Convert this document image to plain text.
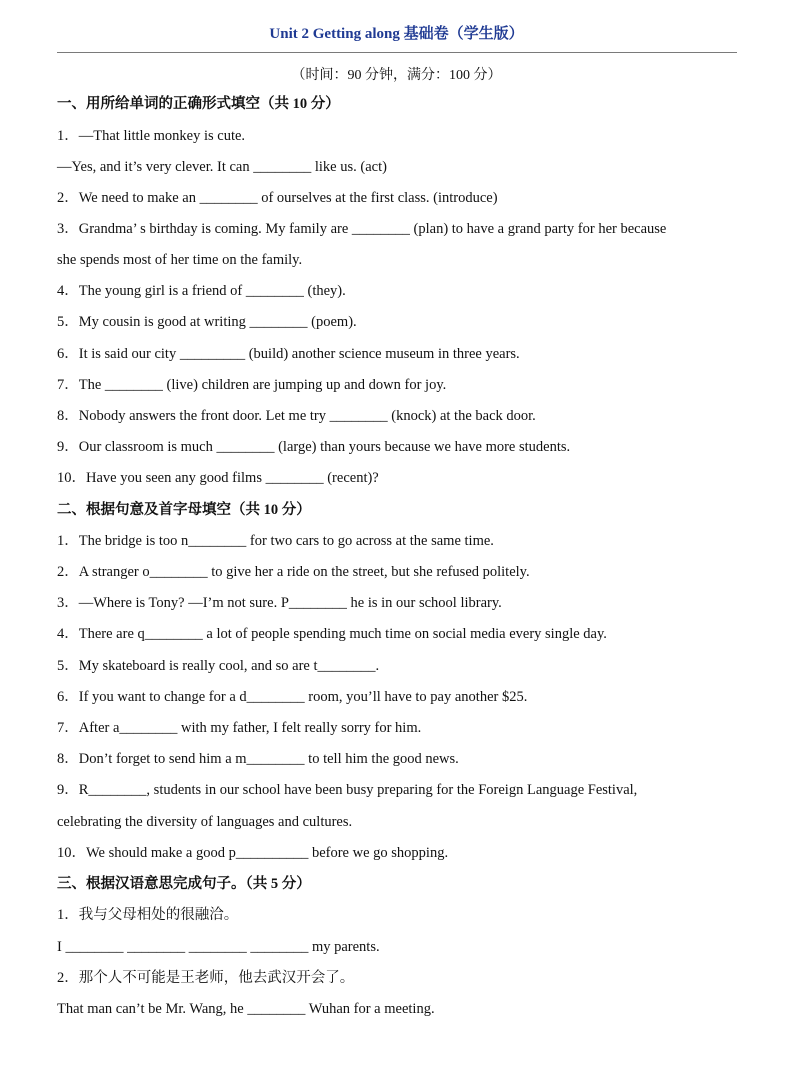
Unit 2 Getting along 基础卷（学生版）
（时间：90 分钟，满分：100 分）
一、用所给单词的正确形式填空（共 10 分）
1．—That little monkey is cute.
—Yes, and it’s very clever. It can ________ like us. (act)
2．We need to make an ________ of ourselves at the first class. (introduce)
3．Grandma’ s birthday is coming. My family are ________ (plan) to have a grand party for her because
she spends most of her time on the family.
4．The young girl is a friend of ________ (they).
5．My cousin is good at writing ________ (poem).
6．It is said our city _________ (build) another science museum in three years.
7．The ________ (live) children are jumping up and down for joy.
8．Nobody answers the front door. Let me try ________ (knock) at the back door.
9．Our classroom is much ________ (large) than yours because we have more students.
10．Have you seen any good films ________ (recent)?
二、根据句意及首字母填空（共 10 分）
1．The bridge is too n________ for two cars to go across at the same time.
2．A stranger o________ to give her a ride on the street, but she refused politely.
3．—Where is Tony? —I’m not sure. P________ he is in our school library.
4．There are q________ a lot of people spending much time on social media every single day.
5．My skateboard is really cool, and so are t________.
6．If you want to change for a d________ room, you’ll have to pay another $25.
7．After a________ with my father, I felt really sorry for him.
8．Don’t forget to send him a m________ to tell him the good news.
9．R________, students in our school have been busy preparing for the Foreign Language Festival,
celebrating the diversity of languages and cultures.
10．We should make a good p__________ before we go shopping.
三、根据汉语意思完成句子。（共 5 分）
1．我与父母相处的很融洽。
I ________ ________ ________ ________ my parents.
2．那个人不可能是王老师，他去武汉开会了。
That man can’t be Mr. Wang, he ________ Wuhan for a meeting.
